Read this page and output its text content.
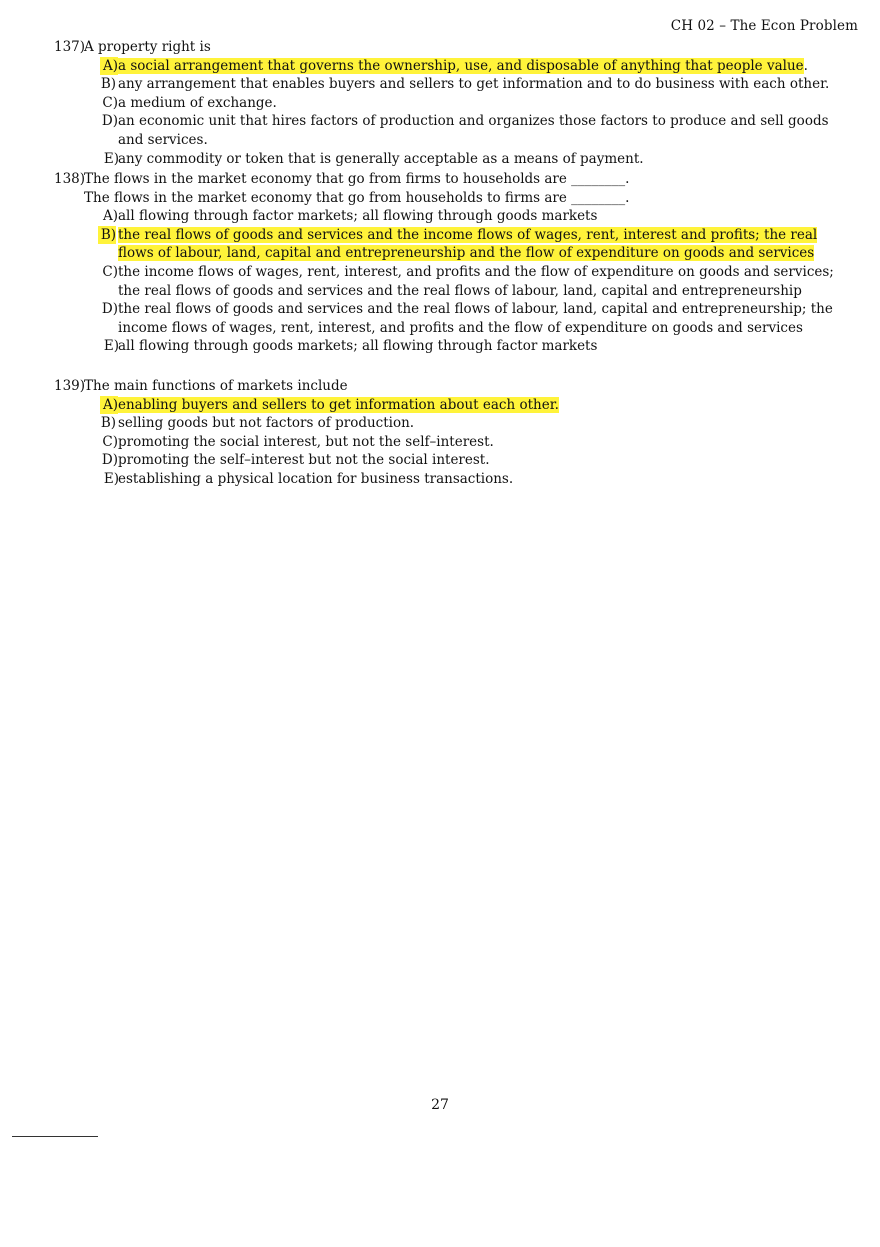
CH 02 – The Econ Problem
137)A property right is
A) a social arrangement that governs the ownership, use, and disposable of anything that people value.
B) any arrangement that enables buyers and sellers to get information and to do business with each other.
C) a medium of exchange.
D) an economic unit that hires factors of production and organizes those factors to produce and sell goods and services.
E) any commodity or token that is generally acceptable as a means of payment.
138)The flows in the market economy that go from firms to households are ________.
The flows in the market economy that go from households to firms are ________.
A) all flowing through factor markets; all flowing through goods markets
B) the real flows of goods and services and the income flows of wages, rent, interest and profits; the real flows of labour, land, capital and entrepreneurship and the flow of expenditure on goods and services
C) the income flows of wages, rent, interest, and profits and the flow of expenditure on goods and services; the real flows of goods and services and the real flows of labour, land, capital and entrepreneurship
D) the real flows of goods and services and the real flows of labour, land, capital and entrepreneurship; the income flows of wages, rent, interest, and profits and the flow of expenditure on goods and services
E) all flowing through goods markets; all flowing through factor markets
139)The main functions of markets include
A) enabling buyers and sellers to get information about each other.
B) selling goods but not factors of production.
C) promoting the social interest, but not the self–interest.
D) promoting the self–interest but not the social interest.
E) establishing a physical location for business transactions.
27
